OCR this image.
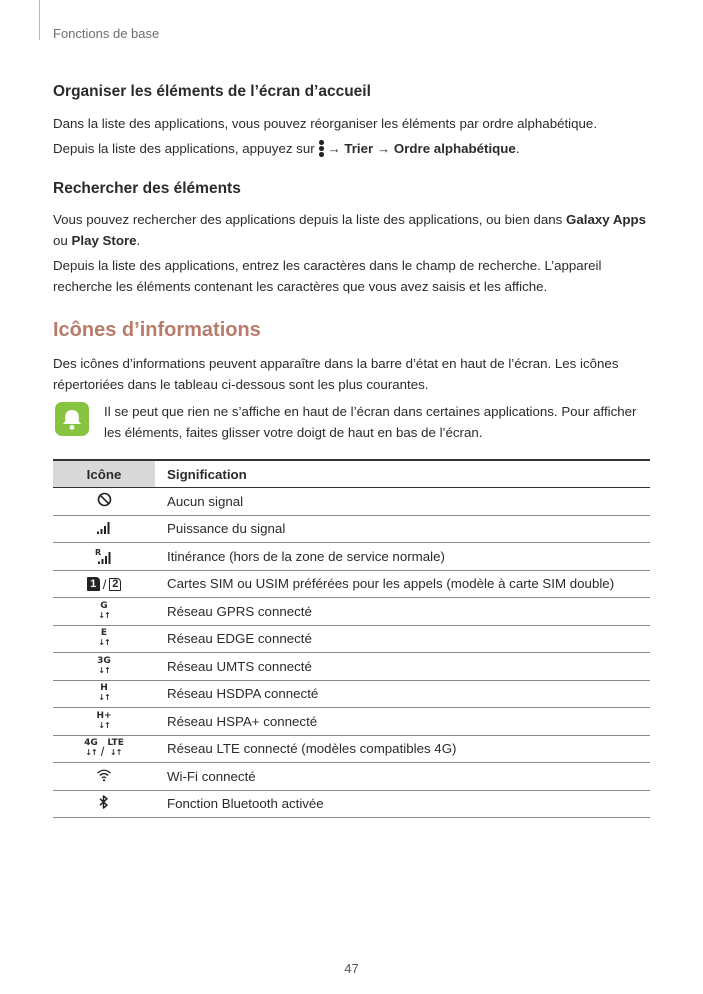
Fonctions de base
Organiser les éléments de l’écran d’accueil

Dans la liste des applications, vous pouvez réorganiser les éléments par ordre alphabétique.

Depuis la liste des applications, appuyez sur → Trier → Ordre alphabétique.

Rechercher des éléments

Vous pouvez rechercher des applications depuis la liste des applications, ou bien dans Galaxy Apps ou Play Store.

Depuis la liste des applications, entrez les caractères dans le champ de recherche. L’appareil recherche les éléments contenant les caractères que vous avez saisis et les affiche.

Icônes d’informations

Des icônes d’informations peuvent apparaître dans la barre d’état en haut de l’écran. Les icônes répertoriées dans le tableau ci-dessous sont les plus courantes.

Il se peut que rien ne s’affiche en haut de l’écran dans certaines applications. Pour afficher les éléments, faites glisser votre doigt de haut en bas de l’écran.

Icône	Signification
	Aucun signal
	Puissance du signal

R	Itinérance (hors de la zone de service normale)
1 / 2	Cartes SIM ou USIM préférées pour les appels (modèle à carte SIM double)
G
↓↑	Réseau GPRS connecté
E
↓↑	Réseau EDGE connecté
3G
↓↑	Réseau UMTS connecté
H
↓↑	Réseau HSDPA connecté
H+
↓↑	Réseau HSPA+ connecté
4G
↓↑ /LTE
↓↑	Réseau LTE connecté (modèles compatibles 4G)
	Wi-Fi connecté
	Fonction Bluetooth activée
47
